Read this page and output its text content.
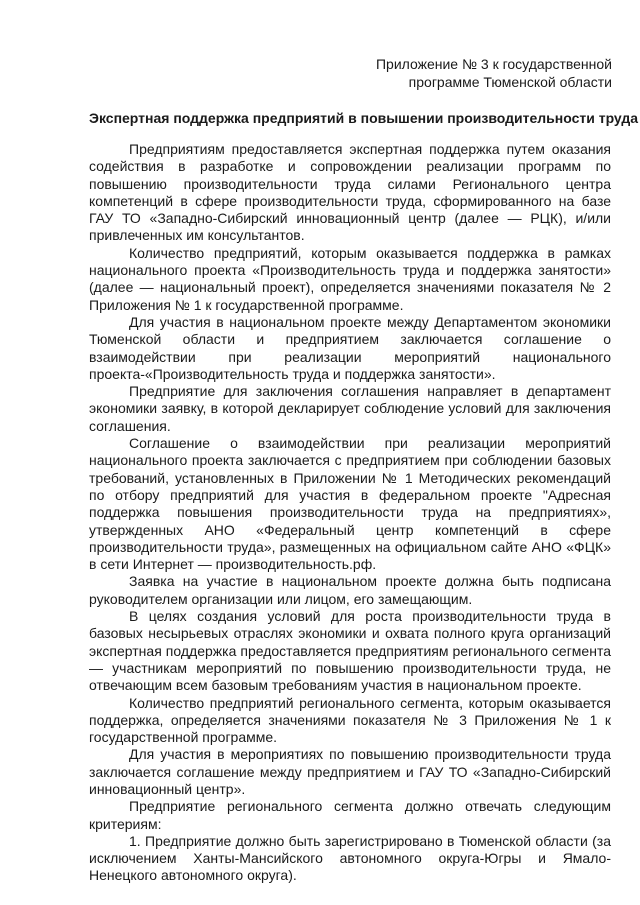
Приложение № 3 к государственной
программе Тюменской области
Экспертная поддержка предприятий в повышении производительности труда

Предприятиям предоставляется экспертная поддержка путем оказания содействия в разработке и сопровождении реализации программ по повышению производительности труда силами Регионального центра компетенций в сфере производительности труда, сформированного на базе ГАУ ТО «Западно-Сибирский инновационный центр (далее — РЦК), и/или привлеченных им консультантов.

Количество предприятий, которым оказывается поддержка в рамках национального проекта «Производительность труда и поддержка занятости» (далее — национальный проект), определяется значениями показателя № 2 Приложения № 1 к государственной программе.

Для участия в национальном проекте между Департаментом экономики Тюменской области и предприятием заключается соглашение о взаимодействии при реализации мероприятий национального проекта-«Производительность труда и поддержка занятости».

Предприятие для заключения соглашения направляет в департамент экономики заявку, в которой декларирует соблюдение условий для заключения соглашения.

Соглашение о взаимодействии при реализации мероприятий национального проекта заключается с предприятием при соблюдении базовых требований, установленных в Приложении № 1 Методических рекомендаций по отбору предприятий для участия в федеральном проекте "Адресная поддержка повышения производительности труда на предприятиях», утвержденных АНО «Федеральный центр компетенций в сфере производительности труда», размещенных на официальном сайте АНО «ФЦК» в сети Интернет — производительность.рф.

Заявка на участие в национальном проекте должна быть подписана руководителем организации или лицом, его замещающим.

В целях создания условий для роста производительности труда в базовых несырьевых отраслях экономики и охвата полного круга организаций экспертная поддержка предоставляется предприятиям регионального сегмента — участникам мероприятий по повышению производительности труда, не отвечающим всем базовым требованиям участия в национальном проекте.

Количество предприятий регионального сегмента, которым оказывается поддержка, определяется значениями показателя № 3 Приложения № 1 к государственной программе.

Для участия в мероприятиях по повышению производительности труда заключается соглашение между предприятием и ГАУ ТО «Западно-Сибирский инновационный центр».

Предприятие регионального сегмента должно отвечать следующим критериям:

1. Предприятие должно быть зарегистрировано в Тюменской области (за исключением Ханты-Мансийского автономного округа-Югры и Ямало-Ненецкого автономного округа).
